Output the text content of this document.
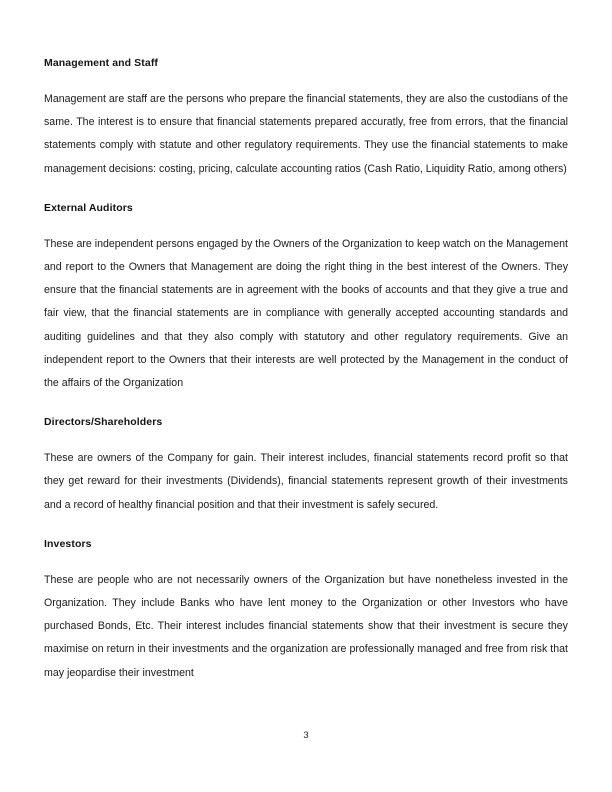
Management and Staff

Management are staff are the persons who prepare the financial statements, they are also the custodians of the same. The interest is to ensure that financial statements prepared accuratly, free from errors, that the financial statements comply with statute and other regulatory requirements. They use the financial statements to make management decisions: costing, pricing, calculate accounting ratios (Cash Ratio, Liquidity Ratio, among others)

External Auditors

These are independent persons engaged by the Owners of the Organization to keep watch on the Management and report to the Owners that Management are doing the right thing in the best interest of the Owners. They ensure that the financial statements are in agreement with the books of accounts and that they give a true and fair view, that the financial statements are in compliance with generally accepted accounting standards and auditing guidelines and that they also comply with statutory and other regulatory requirements. Give an independent report to the Owners that their interests are well protected by the Management in the conduct of the affairs of the Organization

Directors/Shareholders

These are owners of the Company for gain. Their interest includes, financial statements record profit so that they get reward for their investments (Dividends), financial statements represent growth of their investments and a record of healthy financial position and that their investment is safely secured.

Investors

These are people who are not necessarily owners of the Organization but have nonetheless invested in the Organization. They include Banks who have lent money to the Organization or other Investors who have purchased Bonds, Etc. Their interest includes financial statements show that their investment is secure they maximise on return in their investments and the organization are professionally managed and free from risk that may jeopardise their investment

3
